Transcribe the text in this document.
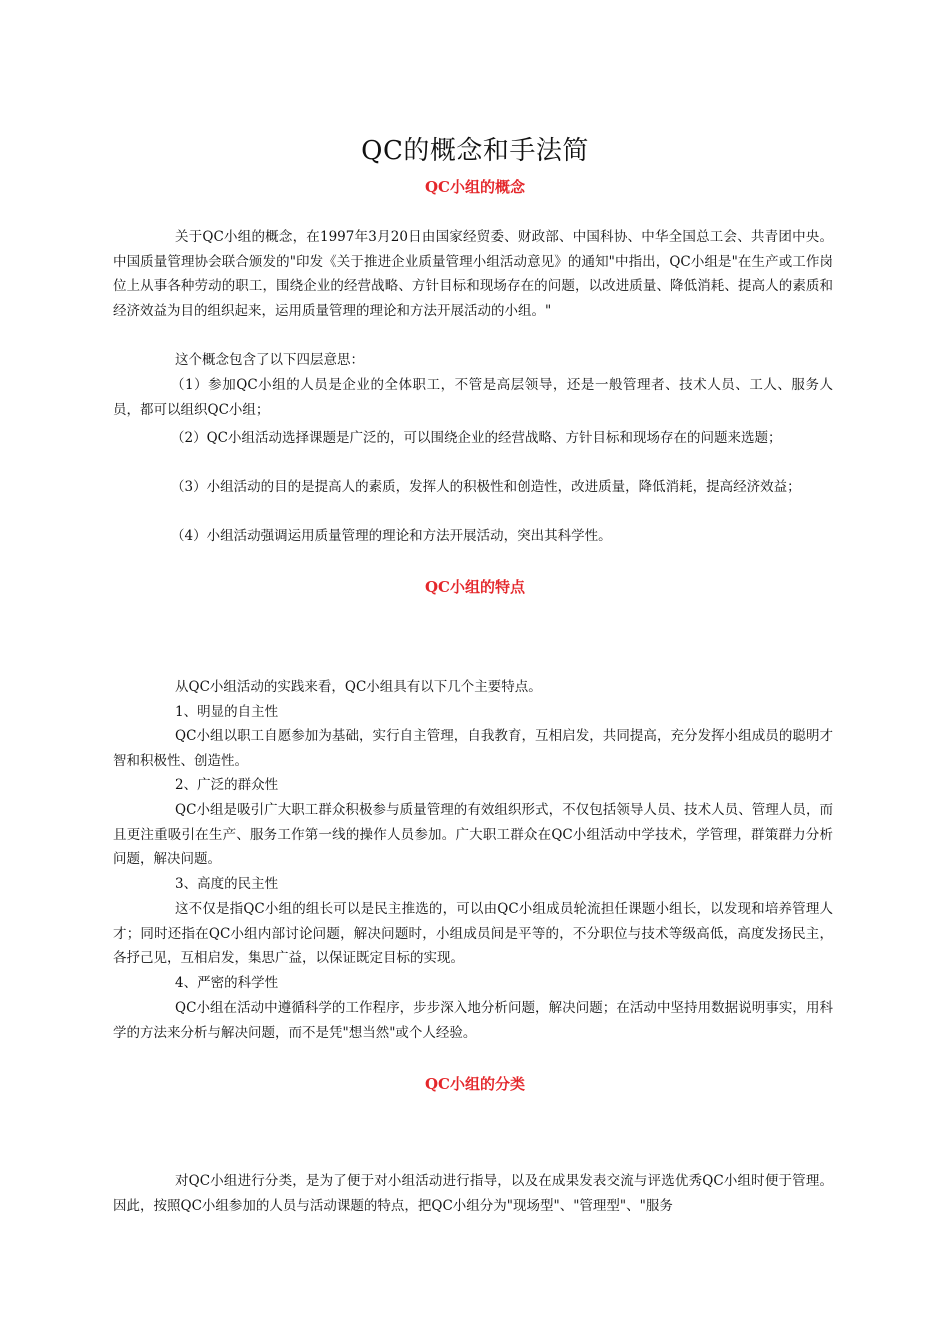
QC的概念和手法简
QC小组的概念
关于QC小组的概念，在1997年3月20日由国家经贸委、财政部、中国科协、中华全国总工会、共青团中央。中国质量管理协会联合颁发的"印发《关于推进企业质量管理小组活动意见》的通知"中指出，QC小组是"在生产或工作岗位上从事各种劳动的职工，围绕企业的经营战略、方针目标和现场存在的问题，以改进质量、降低消耗、提高人的素质和经济效益为目的组织起来，运用质量管理的理论和方法开展活动的小组。"
这个概念包含了以下四层意思：
（1）参加QC小组的人员是企业的全体职工，不管是高层领导，还是一般管理者、技术人员、工人、服务人员，都可以组织QC小组；
（2）QC小组活动选择课题是广泛的，可以围绕企业的经营战略、方针目标和现场存在的问题来选题；
（3）小组活动的目的是提高人的素质，发挥人的积极性和创造性，改进质量，降低消耗，提高经济效益；
（4）小组活动强调运用质量管理的理论和方法开展活动，突出其科学性。
QC小组的特点
从QC小组活动的实践来看，QC小组具有以下几个主要特点。
1、明显的自主性
QC小组以职工自愿参加为基础，实行自主管理，自我教育，互相启发，共同提高，充分发挥小组成员的聪明才智和积极性、创造性。
2、广泛的群众性
QC小组是吸引广大职工群众积极参与质量管理的有效组织形式，不仅包括领导人员、技术人员、管理人员，而且更注重吸引在生产、服务工作第一线的操作人员参加。广大职工群众在QC小组活动中学技术，学管理，群策群力分析问题，解决问题。
3、高度的民主性
这不仅是指QC小组的组长可以是民主推选的，可以由QC小组成员轮流担任课题小组长，以发现和培养管理人才；同时还指在QC小组内部讨论问题，解决问题时，小组成员间是平等的，不分职位与技术等级高低，高度发扬民主，各抒己见，互相启发，集思广益，以保证既定目标的实现。
4、严密的科学性
QC小组在活动中遵循科学的工作程序，步步深入地分析问题，解决问题；在活动中坚持用数据说明事实，用科学的方法来分析与解决问题，而不是凭"想当然"或个人经验。
QC小组的分类
对QC小组进行分类，是为了便于对小组活动进行指导，以及在成果发表交流与评选优秀QC小组时便于管理。因此，按照QC小组参加的人员与活动课题的特点，把QC小组分为"现场型"、"管理型"、"服务
